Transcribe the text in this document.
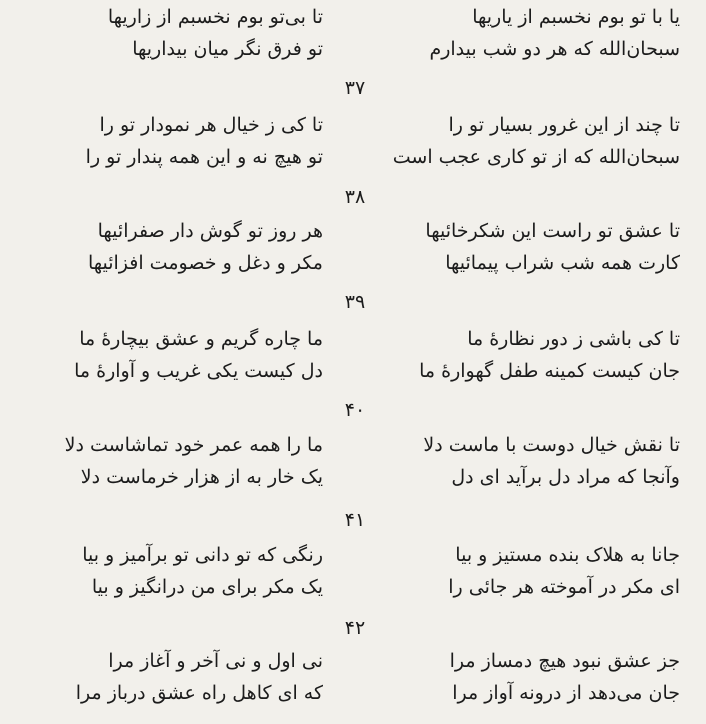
یا با تو بوم نخسبم از یاریها
سبحان‌الله که هر دو شب بیدارم
تا بی‌تو بوم نخسبم از زاریها
تو فرق نگر میان بیداریها
۳۷
تا چند از این غرور بسیار تو را
سبحان‌الله که از تو کاری عجب است
تا کی ز خیال هر نمودار تو را
تو هیچ نه و این همه پندار تو را
۳۸
تا عشق تو راست این شکرخائیها
کارت همه شب شراب پیمائیها
هر روز تو گوش دار صفرائیها
مکر و دغل و خصومت افزائیها
۳۹
تا کی باشی ز دور نظارهٔ ما
جان کیست کمینه طفل گهوارهٔ ما
ما چاره گریم و عشق بیچارهٔ ما
دل کیست یکی غریب و آوارهٔ ما
۴۰
تا نقش خیال دوست با ماست دلا
وآنجا که مراد دل برآید ای دل
ما را همه عمر خود تماشاست دلا
یک خار به از هزار خرماست دلا
۴۱
جانا به هلاک بنده مستیز و بیا
ای مکر در آموخته هر جائی را
رنگی که تو دانی تو برآمیز و بیا
یک مکر برای من درانگیز و بیا
۴۲
جز عشق نبود هیچ دمساز مرا
جان می‌دهد از درونه آواز مرا
نی اول و نی آخر و آغاز مرا
که ای کاهل راه عشق درباز مرا
